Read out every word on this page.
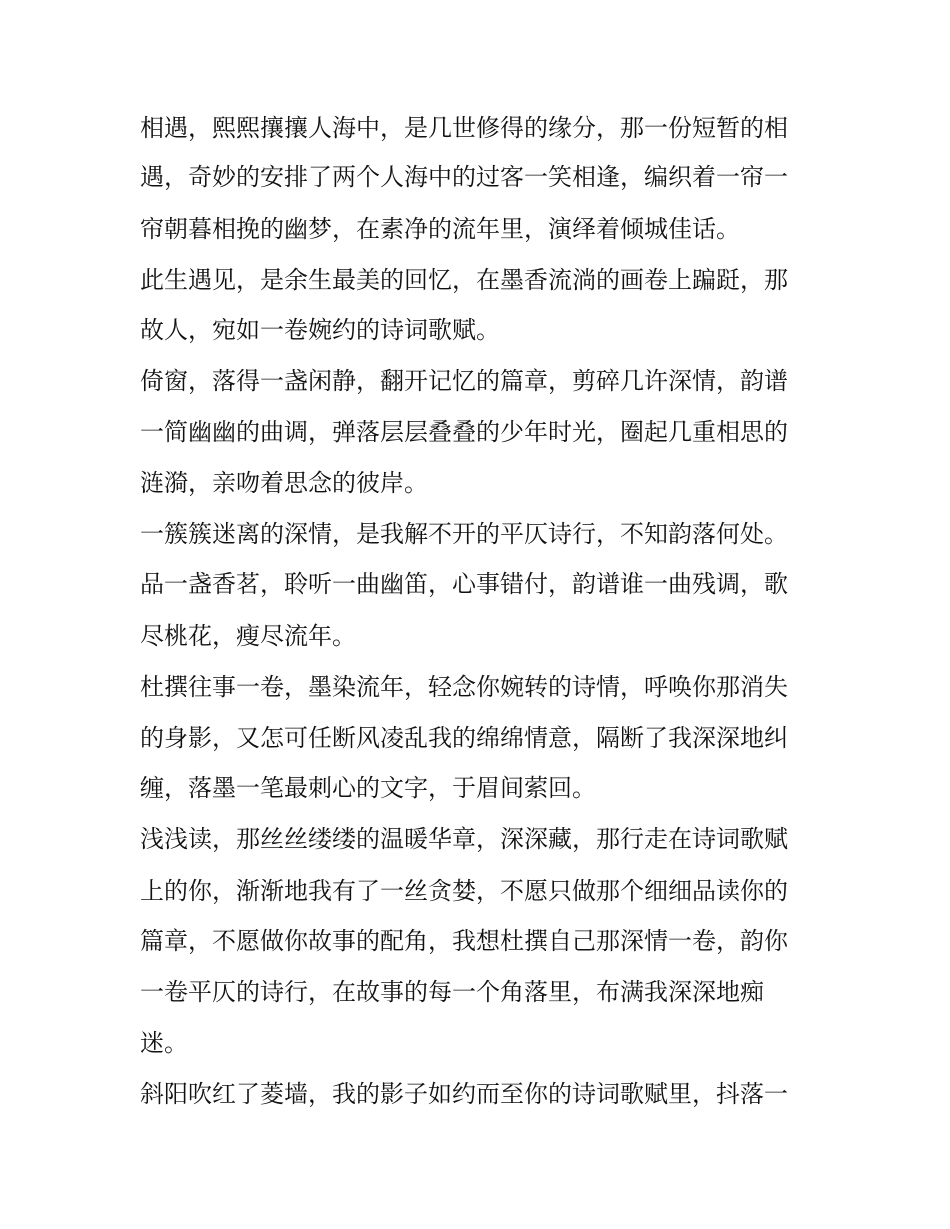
相遇，熙熙攘攘人海中，是几世修得的缘分，那一份短暂的相
遇，奇妙的安排了两个人海中的过客一笑相逢，编织着一帘一
帘朝暮相挽的幽梦，在素净的流年里，演绎着倾城佳话。
此生遇见，是余生最美的回忆，在墨香流淌的画卷上蹁跹，那
故人，宛如一卷婉约的诗词歌赋。
倚窗，落得一盏闲静，翻开记忆的篇章，剪碎几许深情，韵谱
一简幽幽的曲调，弹落层层叠叠的少年时光，圈起几重相思的
涟漪，亲吻着思念的彼岸。
一簇簇迷离的深情，是我解不开的平仄诗行，不知韵落何处。
品一盏香茗，聆听一曲幽笛，心事错付，韵谱谁一曲残调，歌
尽桃花，瘦尽流年。
杜撰往事一卷，墨染流年，轻念你婉转的诗情，呼唤你那消失
的身影，又怎可任断风凌乱我的绵绵情意，隔断了我深深地纠
缠，落墨一笔最刺心的文字，于眉间萦回。
浅浅读，那丝丝缕缕的温暖华章，深深藏，那行走在诗词歌赋
上的你，渐渐地我有了一丝贪婪，不愿只做那个细细品读你的
篇章，不愿做你故事的配角，我想杜撰自己那深情一卷，韵你
一卷平仄的诗行，在故事的每一个角落里，布满我深深地痴
迷。
斜阳吹红了菱墙，我的影子如约而至你的诗词歌赋里，抖落一
